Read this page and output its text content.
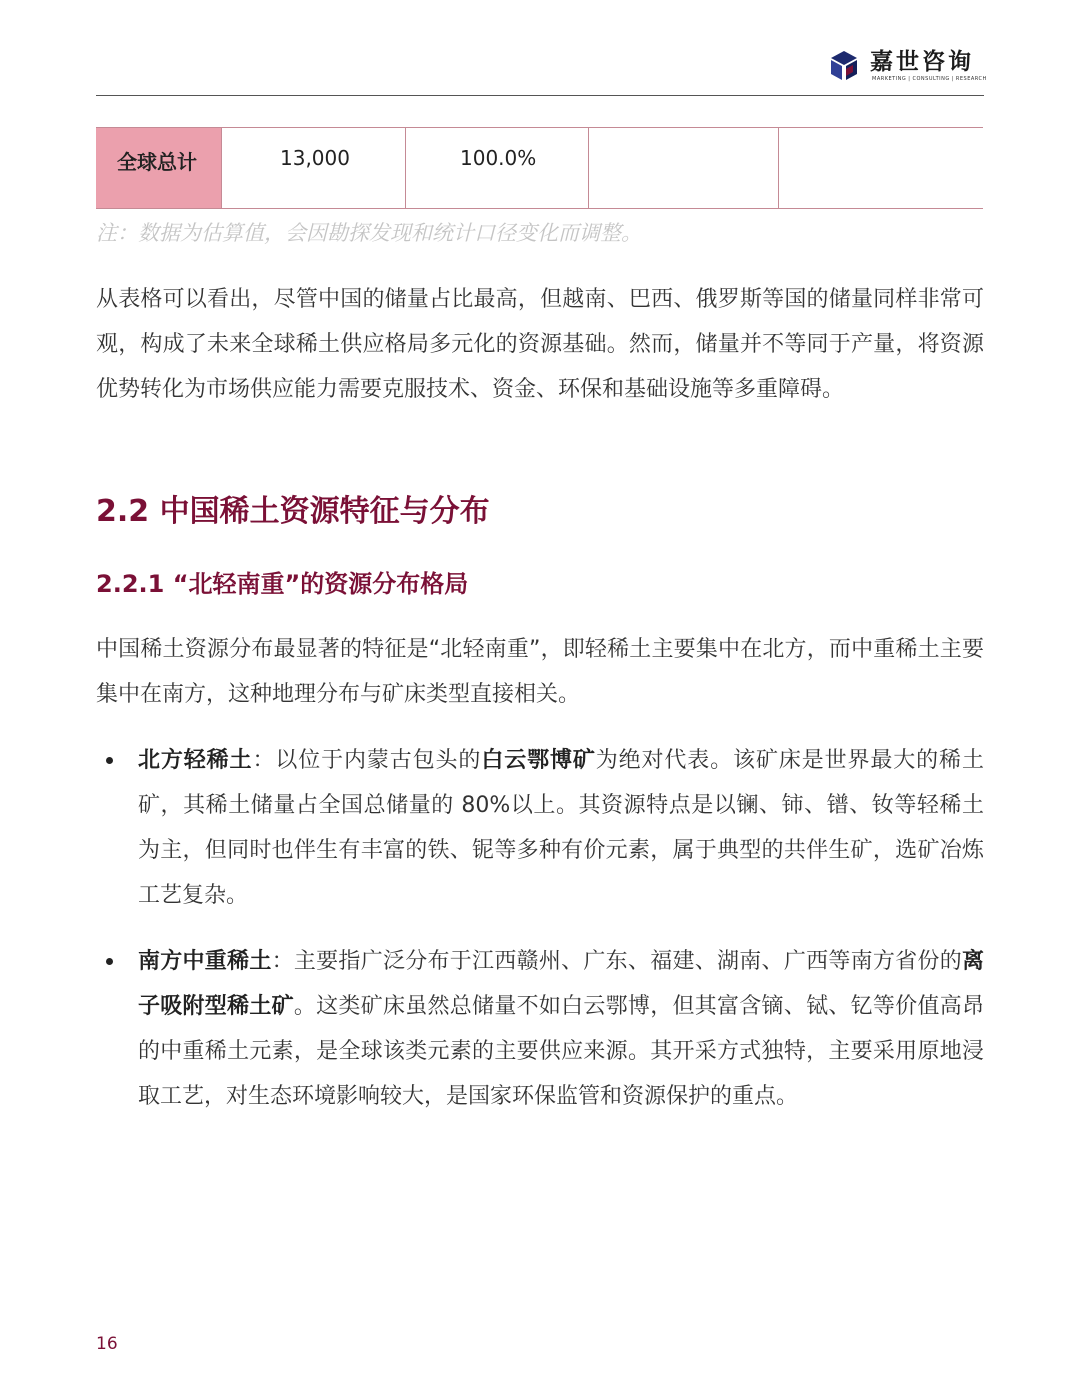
嘉世咨询
MARKETING | CONSULTING | RESEARCH
全球总计	13,000	100.0%
注：数据为估算值，会因勘探发现和统计口径变化而调整。

从表格可以看出，尽管中国的储量占比最高，但越南、巴西、俄罗斯等国的储量同样非常可观，构成了未来全球稀土供应格局多元化的资源基础。然而，储量并不等同于产量，将资源优势转化为市场供应能力需要克服技术、资金、环保和基础设施等多重障碍。

2.2 中国稀土资源特征与分布
2.2.1 “北轻南重”的资源分布格局

中国稀土资源分布最显著的特征是“北轻南重”，即轻稀土主要集中在北方，而中重稀土主要集中在南方，这种地理分布与矿床类型直接相关。

北方轻稀土：以位于内蒙古包头的白云鄂博矿为绝对代表。该矿床是世界最大的稀土矿，其稀土储量占全国总储量的 80%以上。其资源特点是以镧、铈、镨、钕等轻稀土为主，但同时也伴生有丰富的铁、铌等多种有价元素，属于典型的共伴生矿，选矿冶炼工艺复杂。
南方中重稀土：主要指广泛分布于江西赣州、广东、福建、湖南、广西等南方省份的离子吸附型稀土矿。这类矿床虽然总储量不如白云鄂博，但其富含镝、铽、钇等价值高昂的中重稀土元素，是全球该类元素的主要供应来源。其开采方式独特，主要采用原地浸取工艺，对生态环境影响较大，是国家环保监管和资源保护的重点。
16
